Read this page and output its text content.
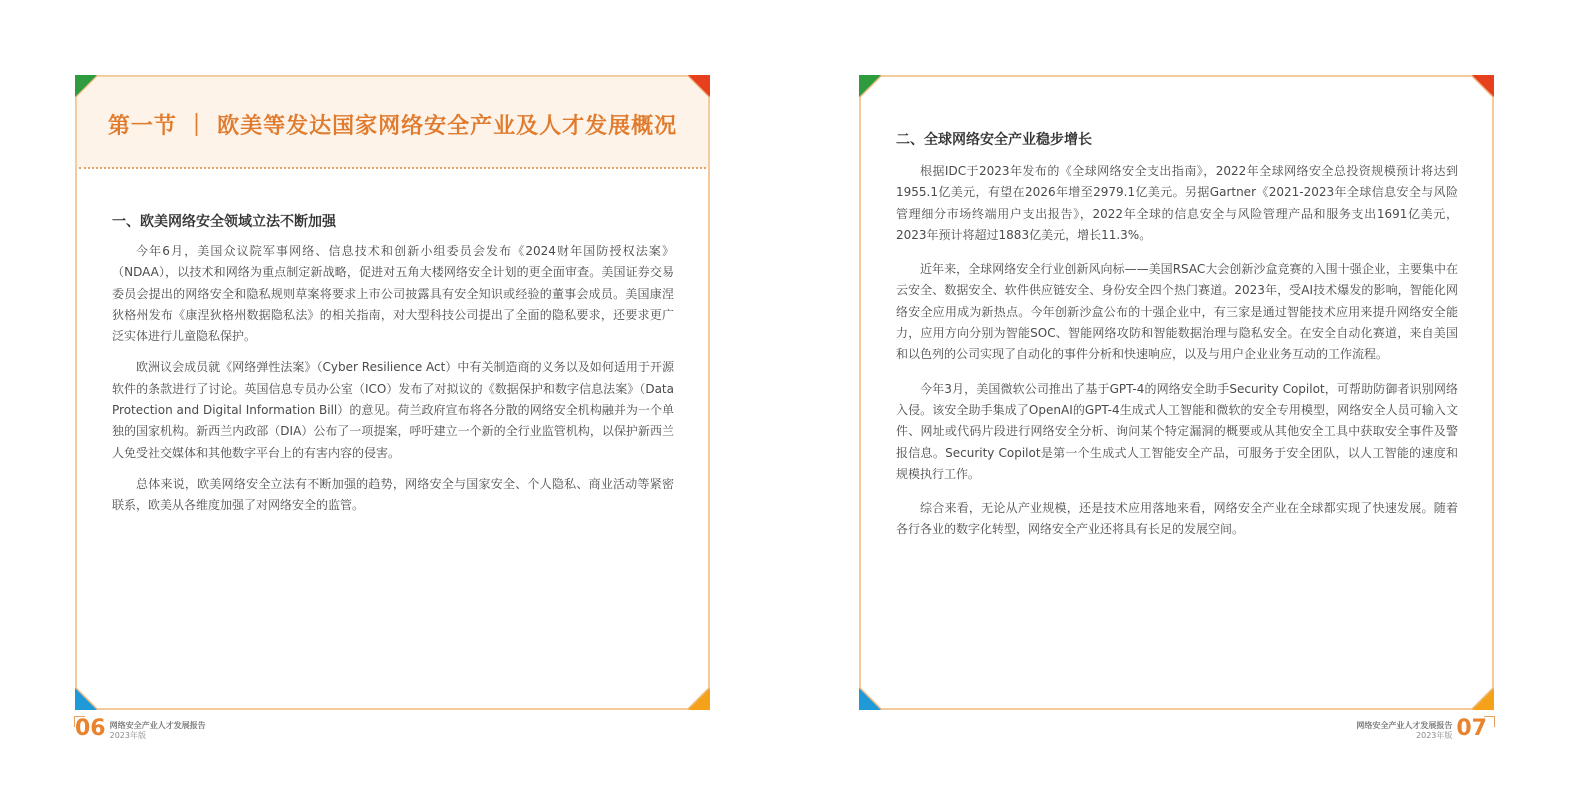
第一节 ｜ 欧美等发达国家网络安全产业及人才发展概况
一、欧美网络安全领域立法不断加强

今年6月，美国众议院军事网络、信息技术和创新小组委员会发布《2024财年国防授权法案》（NDAA），以技术和网络为重点制定新战略，促进对五角大楼网络安全计划的更全面审查。美国证券交易委员会提出的网络安全和隐私规则草案将要求上市公司披露具有安全知识或经验的董事会成员。美国康涅狄格州发布《康涅狄格州数据隐私法》的相关指南，对大型科技公司提出了全面的隐私要求，还要求更广泛实体进行儿童隐私保护。

欧洲议会成员就《网络弹性法案》（Cyber Resilience Act）中有关制造商的义务以及如何适用于开源软件的条款进行了讨论。英国信息专员办公室（ICO）发布了对拟议的《数据保护和数字信息法案》（Data Protection and Digital Information Bill）的意见。荷兰政府宣布将各分散的网络安全机构融并为一个单独的国家机构。新西兰内政部（DIA）公布了一项提案，呼吁建立一个新的全行业监管机构，以保护新西兰人免受社交媒体和其他数字平台上的有害内容的侵害。

总体来说，欧美网络安全立法有不断加强的趋势，网络安全与国家安全、个人隐私、商业活动等紧密联系，欧美从各维度加强了对网络安全的监管。

二、全球网络安全产业稳步增长

根据IDC于2023年发布的《全球网络安全支出指南》，2022年全球网络安全总投资规模预计将达到1955.1亿美元，有望在2026年增至2979.1亿美元。另据Gartner《2021-2023年全球信息安全与风险管理细分市场终端用户支出报告》，2022年全球的信息安全与风险管理产品和服务支出1691亿美元，2023年预计将超过1883亿美元，增长11.3%。

近年来，全球网络安全行业创新风向标——美国RSAC大会创新沙盒竞赛的入围十强企业，主要集中在云安全、数据安全、软件供应链安全、身份安全四个热门赛道。2023年，受AI技术爆发的影响，智能化网络安全应用成为新热点。今年创新沙盒公布的十强企业中，有三家是通过智能技术应用来提升网络安全能力，应用方向分别为智能SOC、智能网络攻防和智能数据治理与隐私安全。在安全自动化赛道，来自美国和以色列的公司实现了自动化的事件分析和快速响应，以及与用户企业业务互动的工作流程。

今年3月，美国微软公司推出了基于GPT-4的网络安全助手Security Copilot，可帮助防御者识别网络入侵。该安全助手集成了OpenAI的GPT-4生成式人工智能和微软的安全专用模型，网络安全人员可输入文件、网址或代码片段进行网络安全分析、询问某个特定漏洞的概要或从其他安全工具中获取安全事件及警报信息。Security Copilot是第一个生成式人工智能安全产品，可服务于安全团队，以人工智能的速度和规模执行工作。

综合来看，无论从产业规模，还是技术应用落地来看，网络安全产业在全球都实现了快速发展。随着各行各业的数字化转型，网络安全产业还将具有长足的发展空间。

06 网络安全产业人才发展报告
2023年版
网络安全产业人才发展报告
2023年版 07
